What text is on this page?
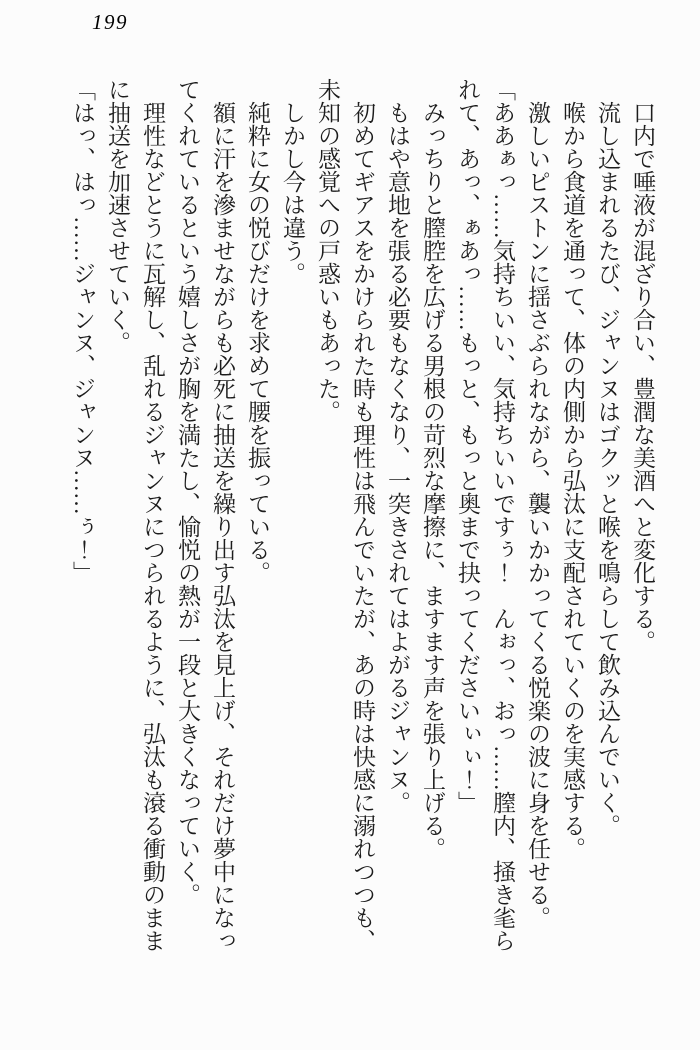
199

口内で唾液が混ざり合い、豊潤な美酒へと変化する。

流し込まれるたび、ジャンヌはゴクッと喉を鳴らして飲み込んでいく。

喉から食道を通って、体の内側から弘汰に支配されていくのを実感する。

激しいピストンに揺さぶられながら、襲いかかってくる悦楽の波に身を任せる。

「ああぁっ……気持ちいい、気持ちいいですぅ！　んぉっ、おっ……膣内、掻き毟られて、あっ、ぁあっ……もっと、もっと奥まで抉ってくださいぃぃ！」

みっちりと膣腔を広げる男根の苛烈な摩擦に、ますます声を張り上げる。

もはや意地を張る必要もなくなり、一突きされてはよがるジャンヌ。

初めてギアスをかけられた時も理性は飛んでいたが、あの時は快感に溺れつつも、未知の感覚への戸惑いもあった。

しかし今は違う。

純粋に女の悦びだけを求めて腰を振っている。

額に汗を滲ませながらも必死に抽送を繰り出す弘汰を見上げ、それだけ夢中になってくれているという嬉しさが胸を満たし、愉悦の熱が一段と大きくなっていく。

理性などとうに瓦解し、乱れるジャンヌにつられるように、弘汰も滾る衝動のままに抽送を加速させていく。

「はっ、はっ……ジャンヌ、ジャンヌ……ぅ！」
